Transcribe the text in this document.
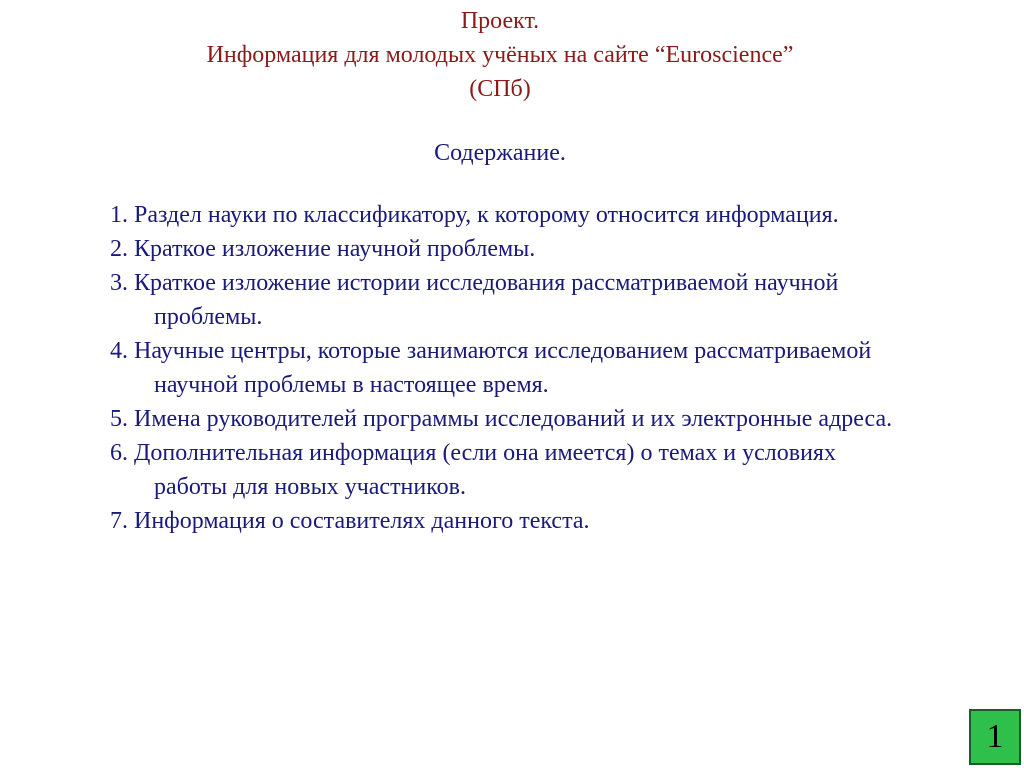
Проект.
Информация для молодых учёных на сайте “Euroscience”
(СПб)
Содержание.
1. Раздел науки по классификатору, к которому относится информация.
2. Краткое изложение научной проблемы.
3. Краткое изложение истории исследования рассматриваемой научной проблемы.
4. Научные центры, которые занимаются исследованием рассматриваемой научной проблемы в настоящее время.
5. Имена руководителей программы исследований и их электронные адреса.
6. Дополнительная информация (если она имеется) о темах и условиях работы для новых участников.
7. Информация о составителях данного текста.
1
